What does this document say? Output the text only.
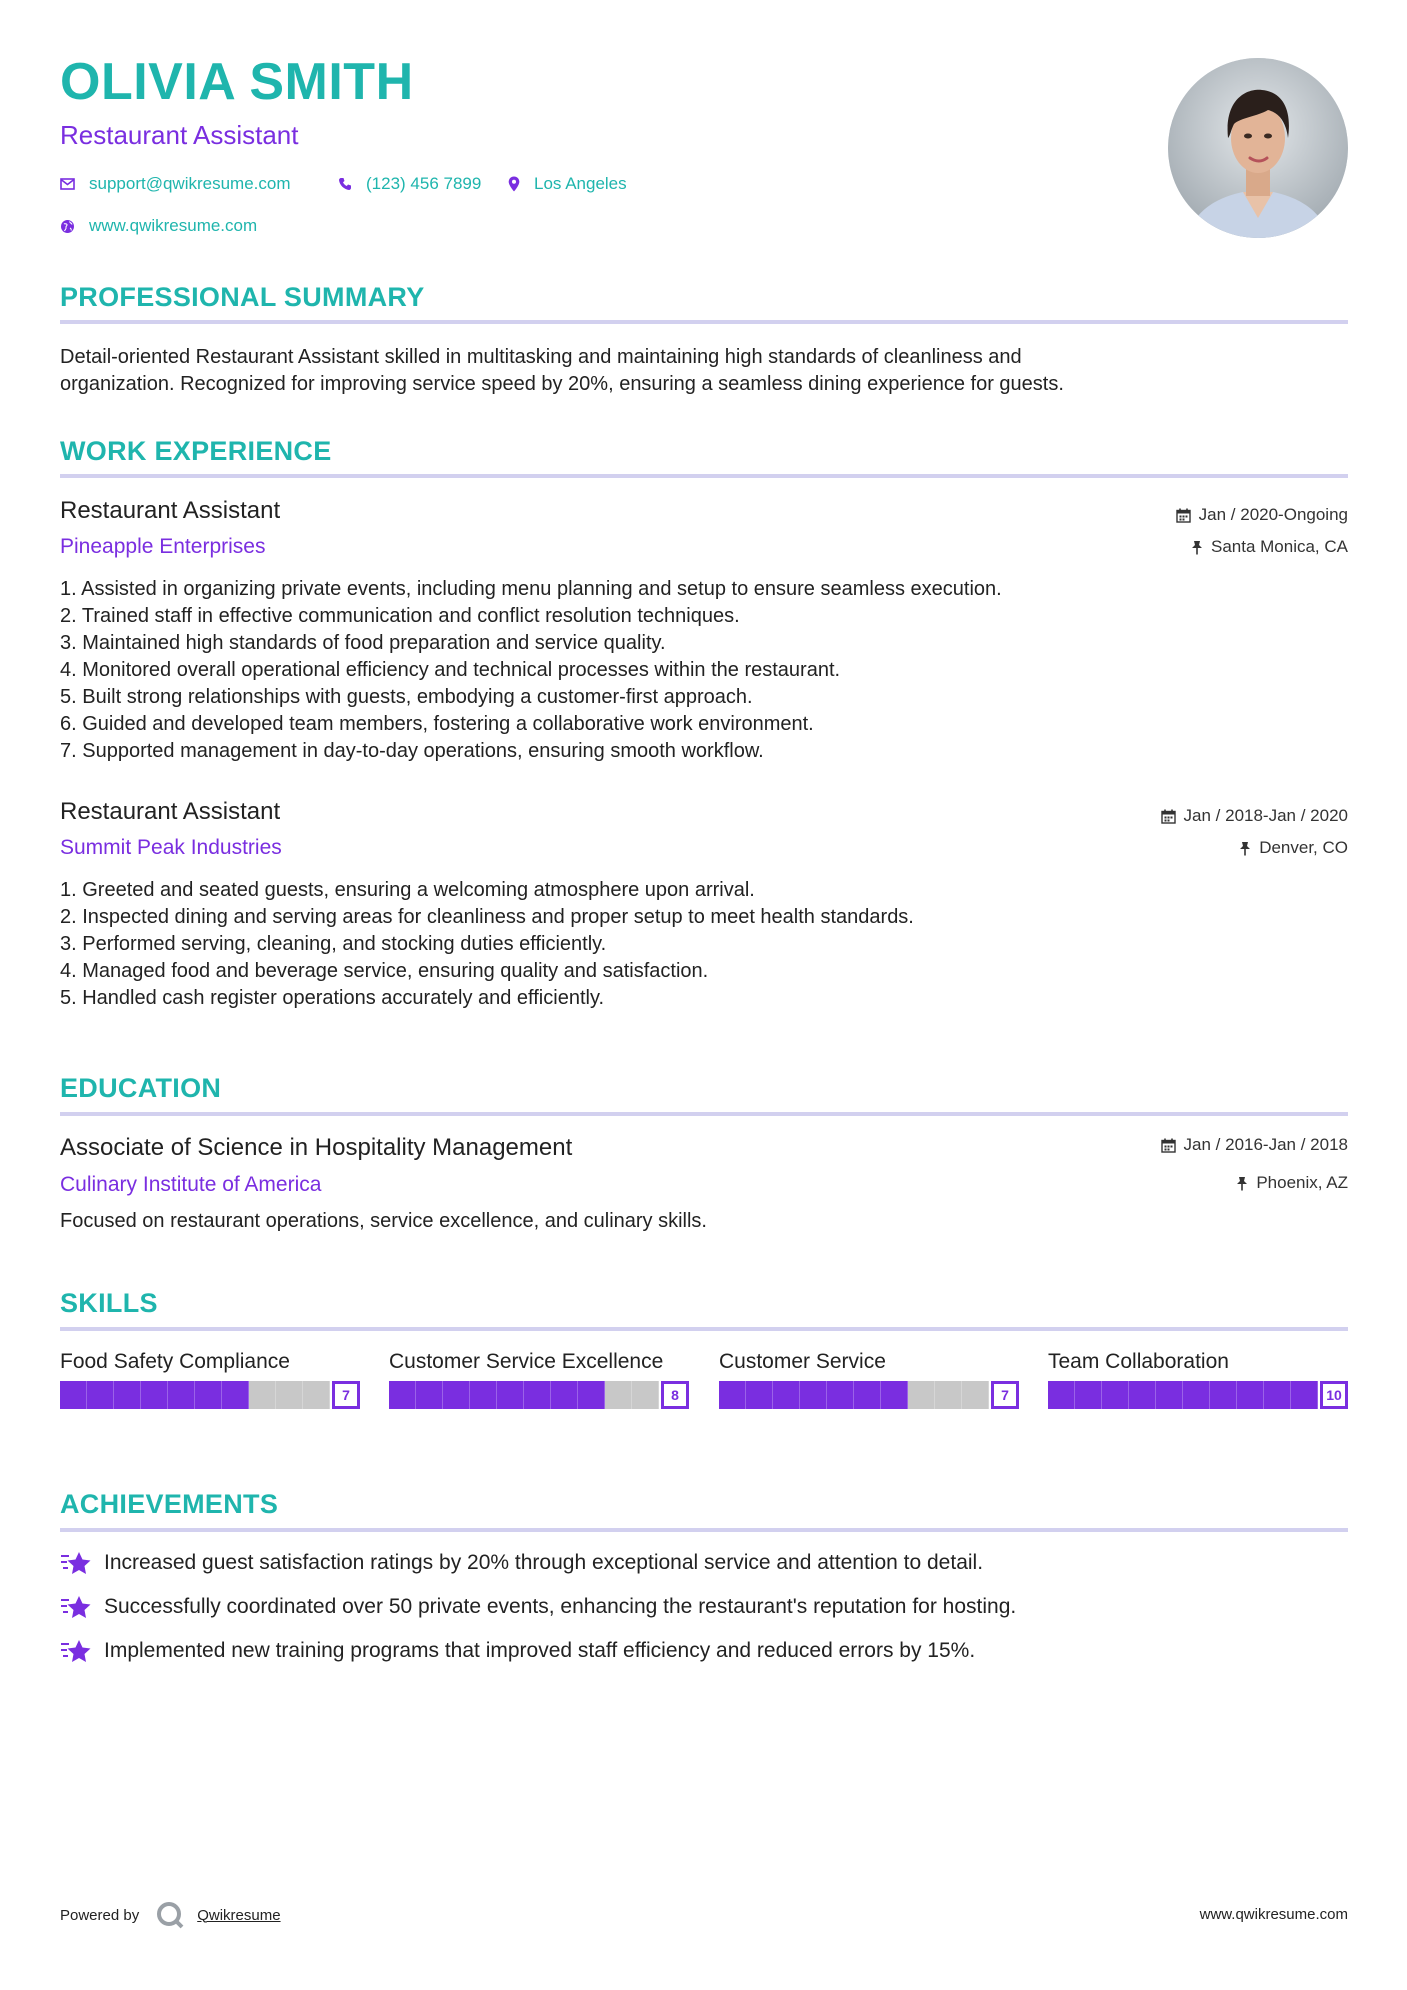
OLIVIA SMITH
Restaurant Assistant
support@qwikresume.com	(123) 456 7899	Los Angeles
www.qwikresume.com
PROFESSIONAL SUMMARY
Detail-oriented Restaurant Assistant skilled in multitasking and maintaining high standards of cleanliness and
organization. Recognized for improving service speed by 20%, ensuring a seamless dining experience for guests.
WORK EXPERIENCE
Restaurant Assistant
Pineapple Enterprises
Jan / 2020-Ongoing
Santa Monica, CA
1. Assisted in organizing private events, including menu planning and setup to ensure seamless execution.
2. Trained staff in effective communication and conflict resolution techniques.
3. Maintained high standards of food preparation and service quality.
4. Monitored overall operational efficiency and technical processes within the restaurant.
5. Built strong relationships with guests, embodying a customer-first approach.
6. Guided and developed team members, fostering a collaborative work environment.
7. Supported management in day-to-day operations, ensuring smooth workflow.
Restaurant Assistant
Summit Peak Industries
Jan / 2018-Jan / 2020
Denver, CO
1. Greeted and seated guests, ensuring a welcoming atmosphere upon arrival.
2. Inspected dining and serving areas for cleanliness and proper setup to meet health standards.
3. Performed serving, cleaning, and stocking duties efficiently.
4. Managed food and beverage service, ensuring quality and satisfaction.
5. Handled cash register operations accurately and efficiently.
EDUCATION
Associate of Science in Hospitality Management
Culinary Institute of America
Jan / 2016-Jan / 2018
Phoenix, AZ
Focused on restaurant operations, service excellence, and culinary skills.
SKILLS
Food Safety Compliance
7
Customer Service Excellence
8
Customer Service
7
Team Collaboration
10
ACHIEVEMENTS
Increased guest satisfaction ratings by 20% through exceptional service and attention to detail.
Successfully coordinated over 50 private events, enhancing the restaurant's reputation for hosting.
Implemented new training programs that improved staff efficiency and reduced errors by 15%.
Powered by	Qwikresume	www.qwikresume.com
